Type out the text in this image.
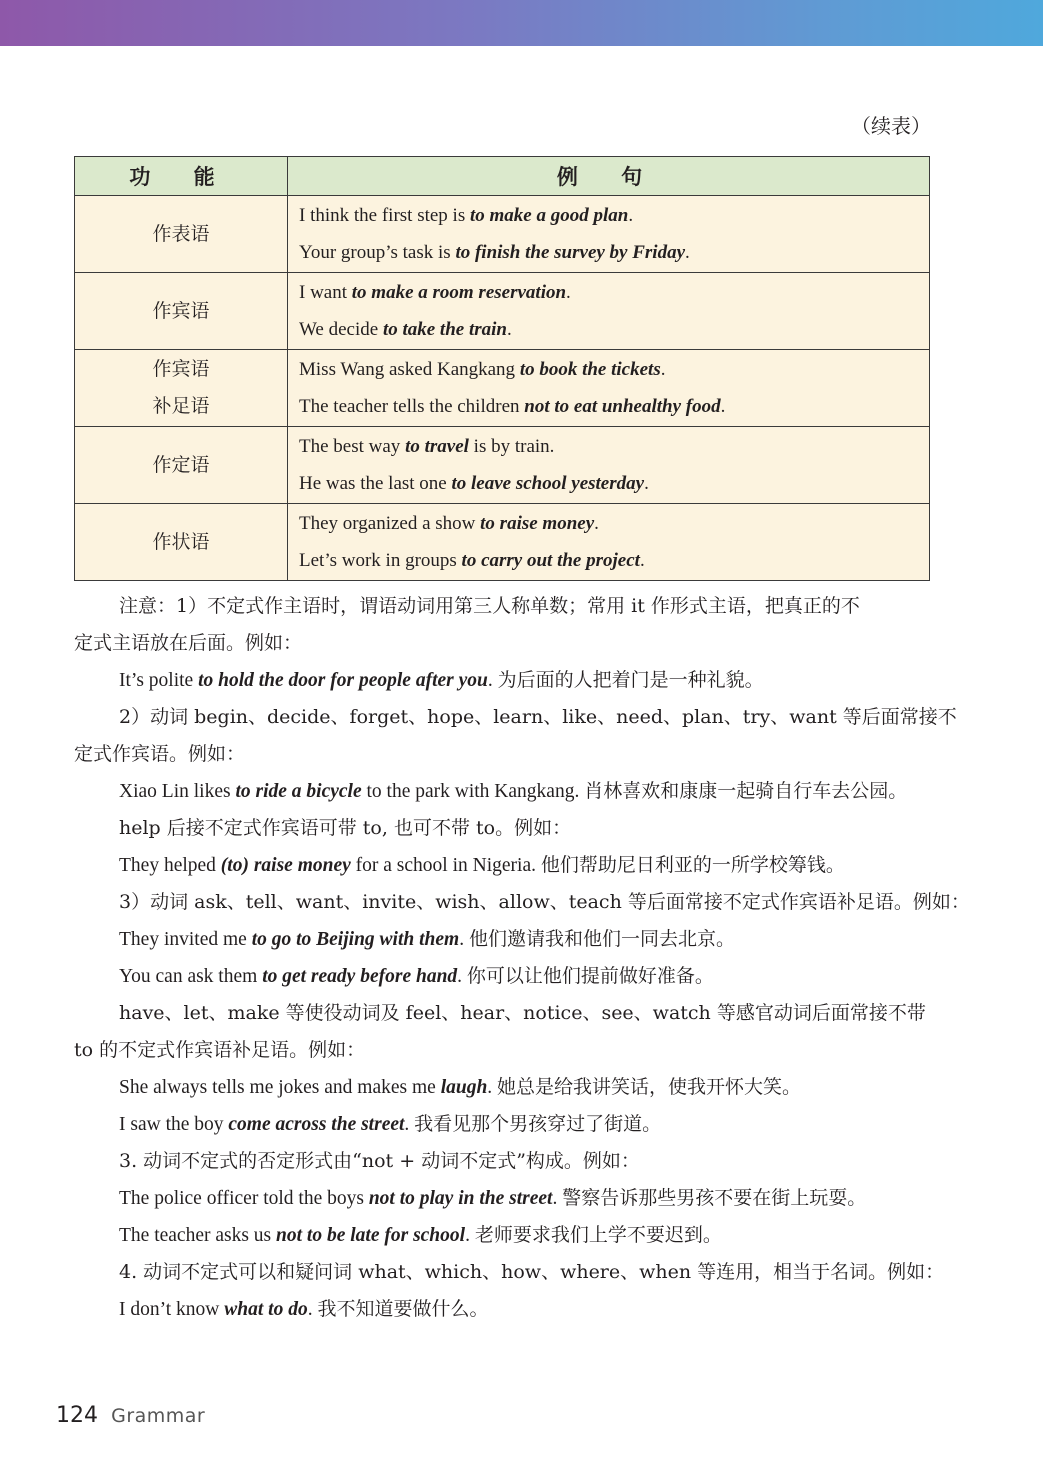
（续表）
功 能	例 句

作表语	I think the first step is to make a good plan.
Your group’s task is to finish the survey by Friday.

作宾语	I want to make a room reservation.
We decide to take the train.

作宾语
补足语	Miss Wang asked Kangkang to book the tickets.
The teacher tells the children not to eat unhealthy food.

作定语	The best way to travel is by train.
He was the last one to leave school yesterday.

作状语	They organized a show to raise money.
Let’s work in groups to carry out the project.

注意：1）不定式作主语时，谓语动词用第三人称单数；常用 it 作形式主语，把真正的不

定式主语放在后面。例如：

It’s polite to hold the door for people after you. 为后面的人把着门是一种礼貌。

2）动词 begin、decide、forget、hope、learn、like、need、plan、try、want 等后面常接不

定式作宾语。例如：

Xiao Lin likes to ride a bicycle to the park with Kangkang. 肖林喜欢和康康一起骑自行车去公园。

help 后接不定式作宾语可带 to, 也可不带 to。例如：

They helped (to) raise money for a school in Nigeria. 他们帮助尼日利亚的一所学校筹钱。

3）动词 ask、tell、want、invite、wish、allow、teach 等后面常接不定式作宾语补足语。例如：

They invited me to go to Beijing with them. 他们邀请我和他们一同去北京。

You can ask them to get ready before hand. 你可以让他们提前做好准备。

have、let、make 等使役动词及 feel、hear、notice、see、watch 等感官动词后面常接不带

to 的不定式作宾语补足语。例如：

She always tells me jokes and makes me laugh. 她总是给我讲笑话，使我开怀大笑。

I saw the boy come across the street. 我看见那个男孩穿过了街道。

3. 动词不定式的否定形式由“not + 动词不定式”构成。例如：

The police officer told the boys not to play in the street. 警察告诉那些男孩不要在街上玩耍。

The teacher asks us not to be late for school. 老师要求我们上学不要迟到。

4. 动词不定式可以和疑问词 what、which、how、where、when 等连用，相当于名词。例如：

I don’t know what to do. 我不知道要做什么。

124 Grammar
